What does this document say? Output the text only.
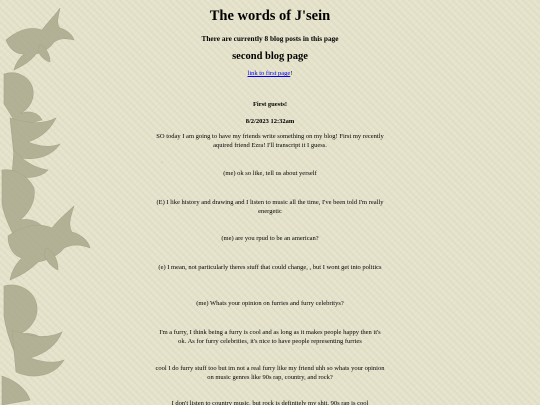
The words of J'sein
There are currently 8 blog posts in this page
second blog page
link to first page!
First guests!
8/2/2023 12:32am
SO today I am going to have my friends write something on my blog! First my recently aquired friend Ezra! I'll transcript it I guess.
(me) ok so like, tell us about yerself
(E) I like history and drawing and I listen to music all the time, I've been told I'm really energetic
(me) are you rpud to be an american?
(e) I mean, not particularly theres stuff that could change, , but I wont get into politics
(me) Whats your opinion on furries and furry celebritys?
I'm a furry, I think being a furry is cool and as long as it makes people happy then it's ok. As for furry celebrities, it's nice to have people representing furries
cool I do furry stuff too but im not a real furry like my friend uhh so whats your opinion on music genres like 90s rap, country, and rock?
I don't listen to country music, but rock is definitely my shit. 90s rap is cool
